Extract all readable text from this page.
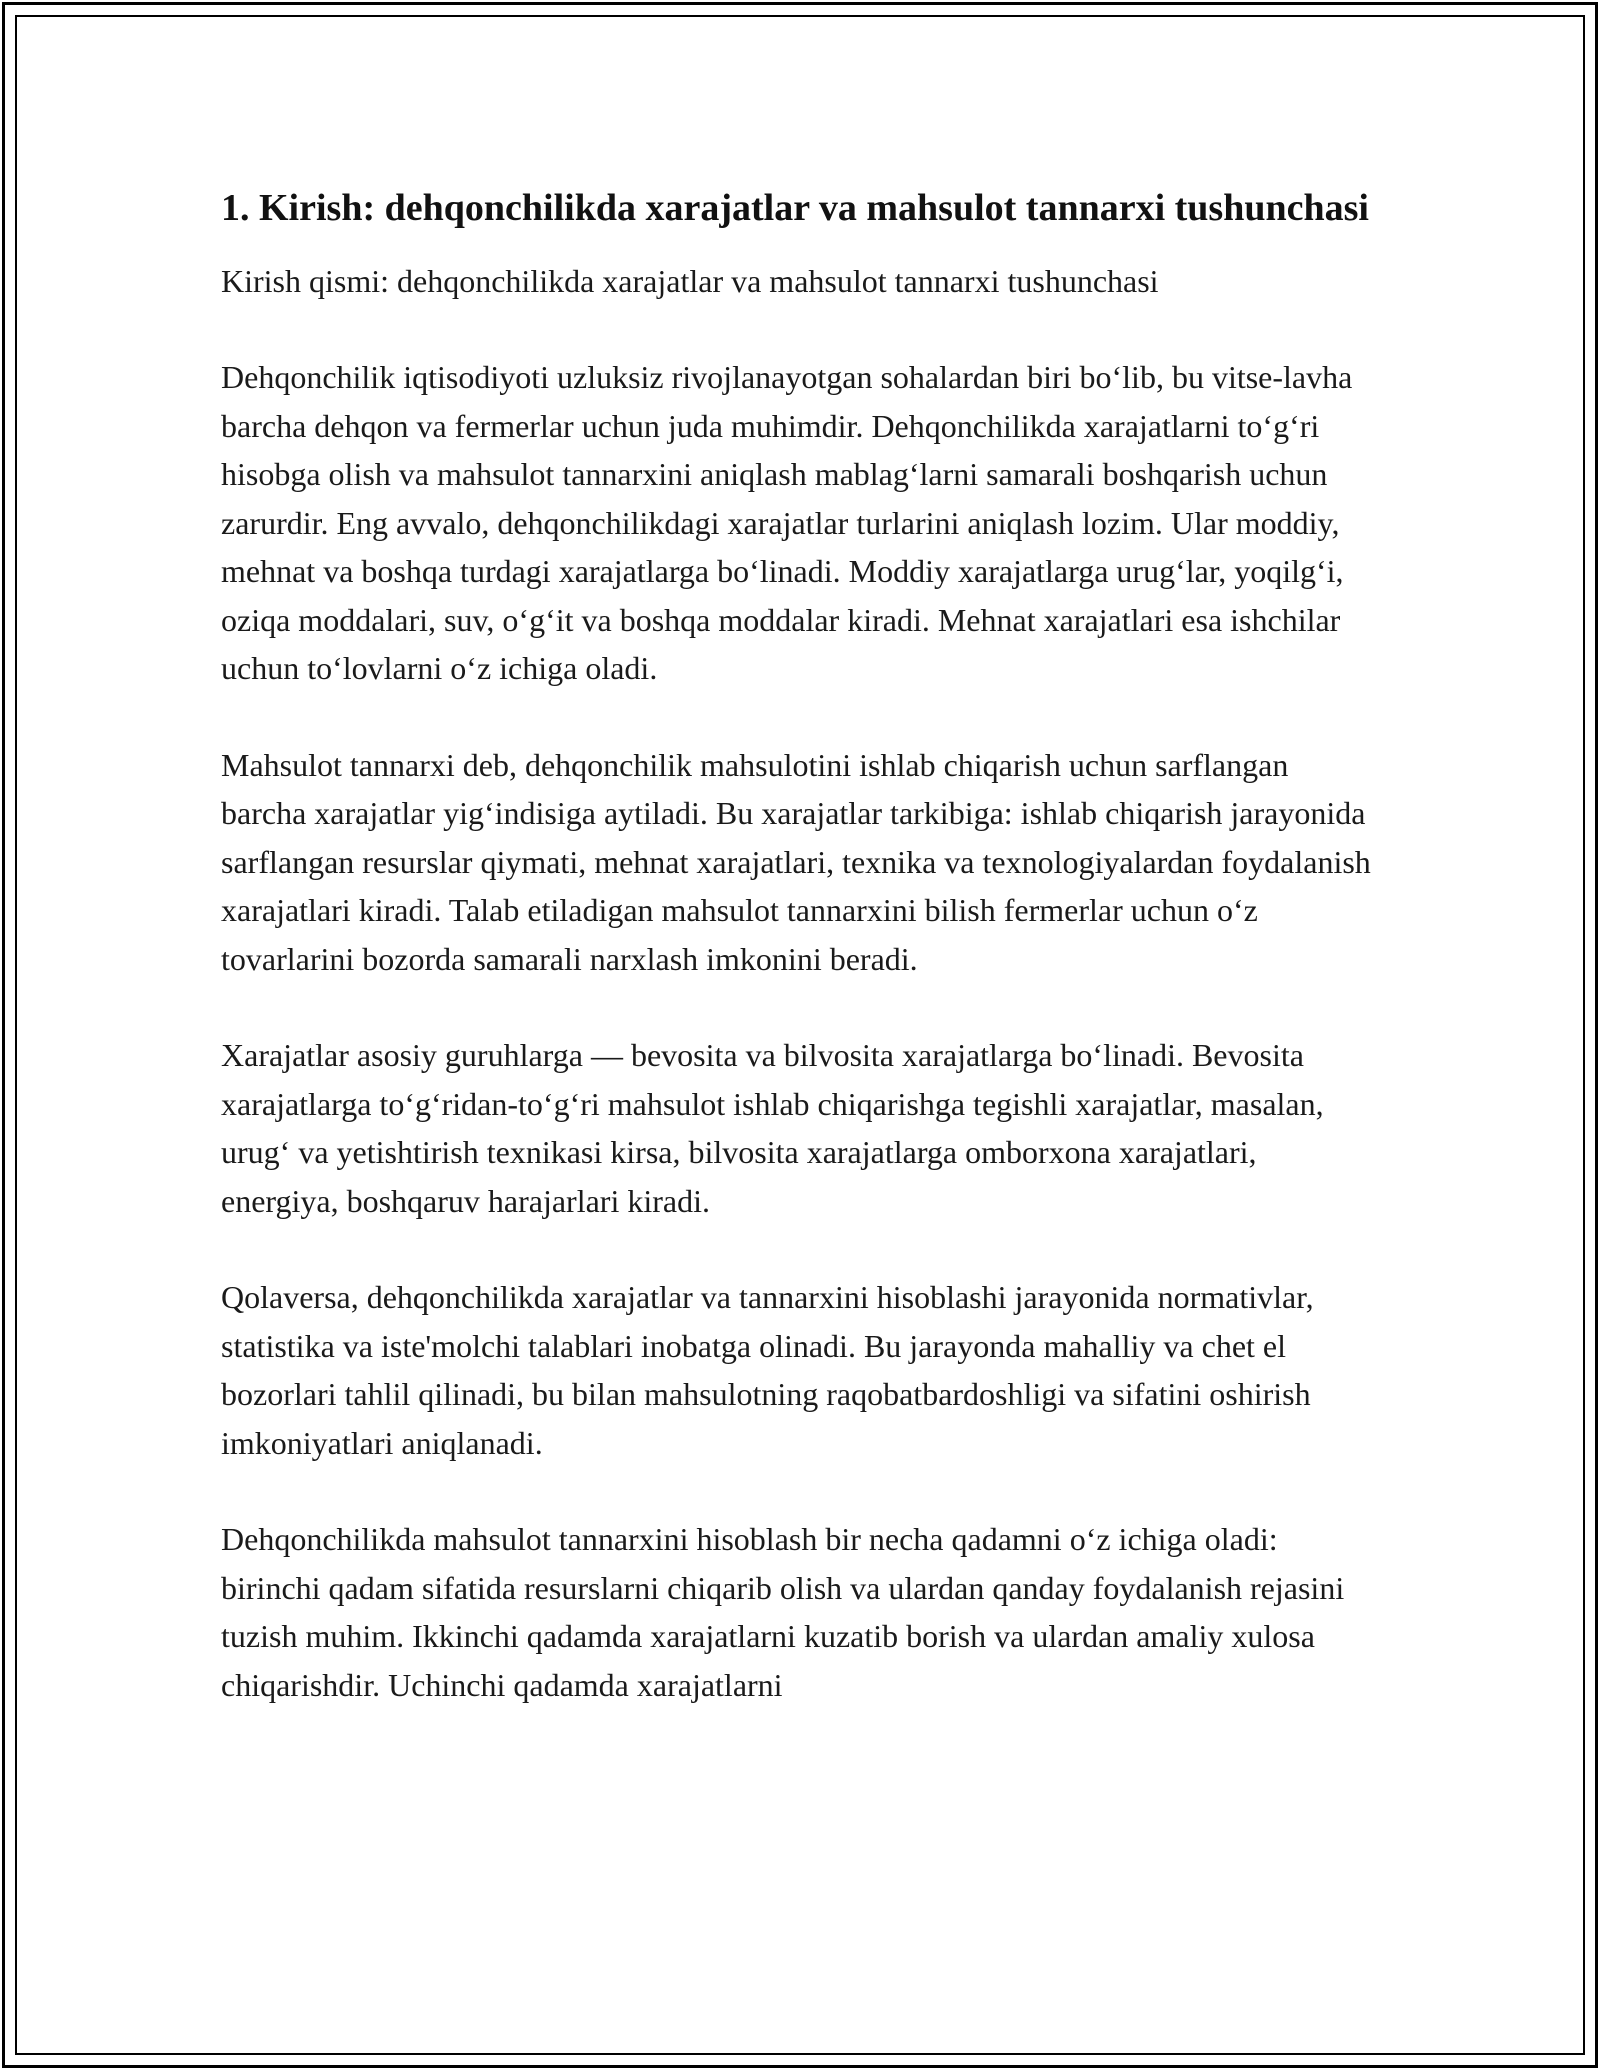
1. Kirish: dehqonchilikda xarajatlar va mahsulot tannarxi tushunchasi

Kirish qismi: dehqonchilikda xarajatlar va mahsulot tannarxi tushunchasi

Dehqonchilik iqtisodiyoti uzluksiz rivojlanayotgan sohalardan biri bo‘lib, bu vitse-lavha barcha dehqon va fermerlar uchun juda muhimdir. Dehqonchilikda xarajatlarni to‘g‘ri hisobga olish va mahsulot tannarxini aniqlash mablag‘larni samarali boshqarish uchun zarurdir. Eng avvalo, dehqonchilikdagi xarajatlar turlarini aniqlash lozim. Ular moddiy, mehnat va boshqa turdagi xarajatlarga bo‘linadi. Moddiy xarajatlarga urug‘lar, yoqilg‘i, oziqa moddalari, suv, o‘g‘it va boshqa moddalar kiradi. Mehnat xarajatlari esa ishchilar uchun to‘lovlarni o‘z ichiga oladi.

Mahsulot tannarxi deb, dehqonchilik mahsulotini ishlab chiqarish uchun sarflangan barcha xarajatlar yig‘indisiga aytiladi. Bu xarajatlar tarkibiga: ishlab chiqarish jarayonida sarflangan resurslar qiymati, mehnat xarajatlari, texnika va texnologiyalardan foydalanish xarajatlari kiradi. Talab etiladigan mahsulot tannarxini bilish fermerlar uchun o‘z tovarlarini bozorda samarali narxlash imkonini beradi.

Xarajatlar asosiy guruhlarga — bevosita va bilvosita xarajatlarga bo‘linadi. Bevosita xarajatlarga to‘g‘ridan-to‘g‘ri mahsulot ishlab chiqarishga tegishli xarajatlar, masalan, urug‘ va yetishtirish texnikasi kirsa, bilvosita xarajatlarga omborxona xarajatlari, energiya, boshqaruv harajarlari kiradi.

Qolaversa, dehqonchilikda xarajatlar va tannarxini hisoblashi jarayonida normativlar, statistika va iste'molchi talablari inobatga olinadi. Bu jarayonda mahalliy va chet el bozorlari tahlil qilinadi, bu bilan mahsulotning raqobatbardoshligi va sifatini oshirish imkoniyatlari aniqlanadi.

Dehqonchilikda mahsulot tannarxini hisoblash bir necha qadamni o‘z ichiga oladi: birinchi qadam sifatida resurslarni chiqarib olish va ulardan qanday foydalanish rejasini tuzish muhim. Ikkinchi qadamda xarajatlarni kuzatib borish va ulardan amaliy xulosa chiqarishdir. Uchinchi qadamda xarajatlarni
